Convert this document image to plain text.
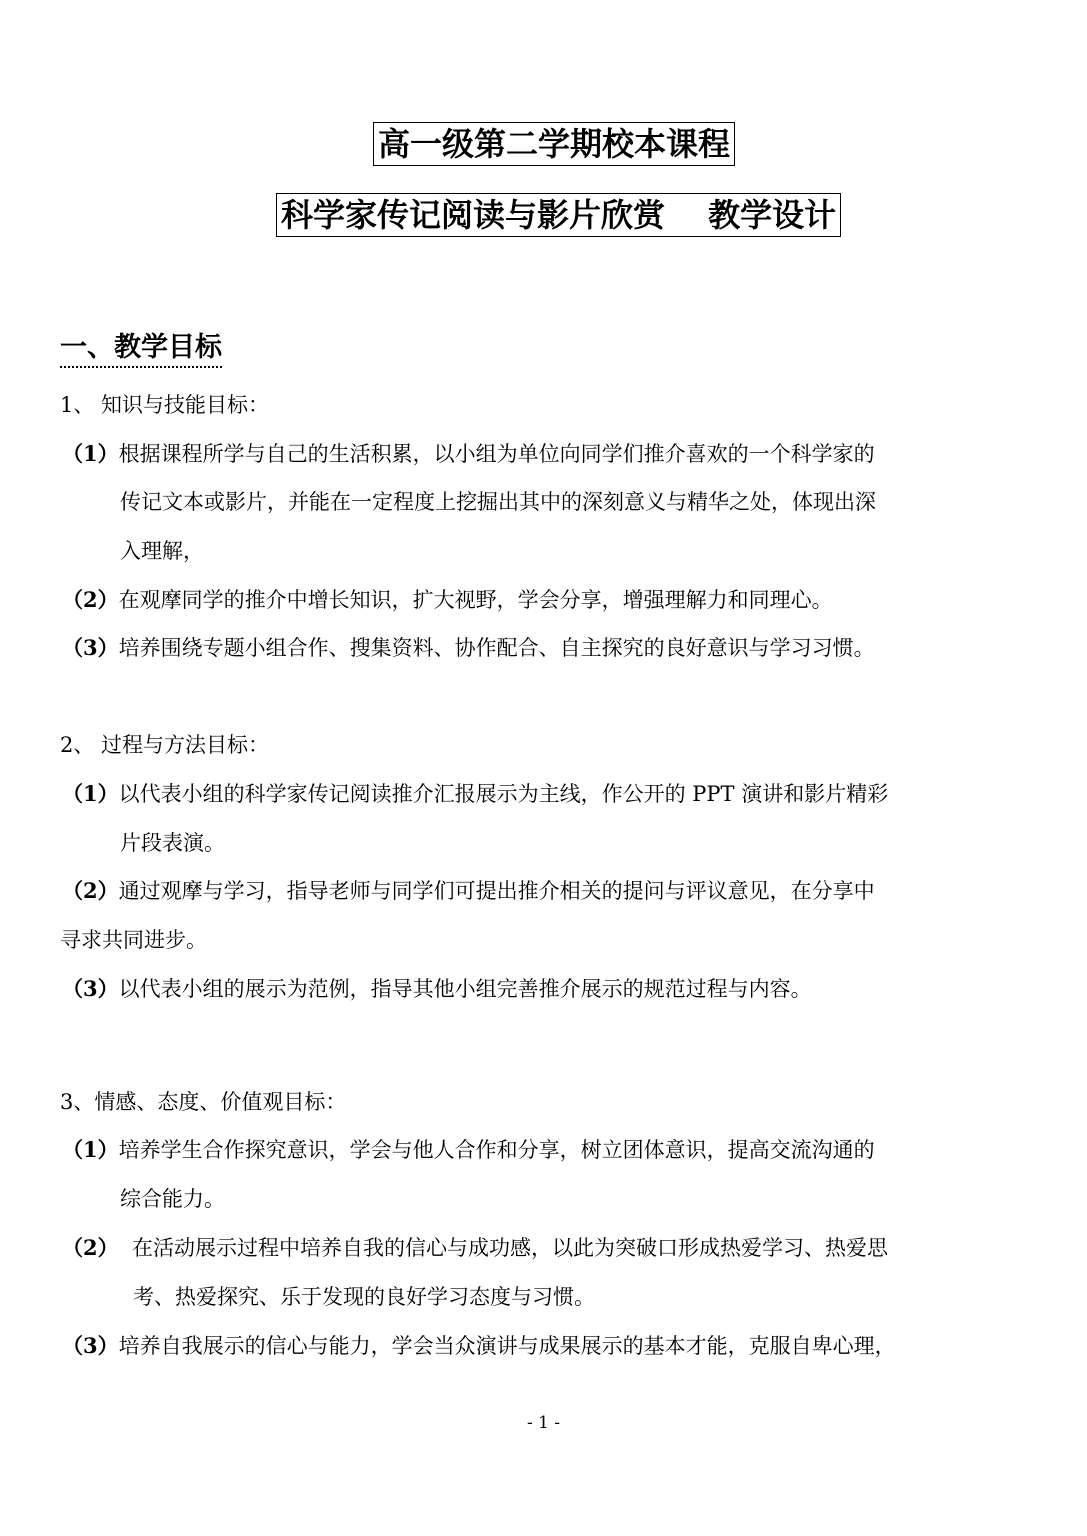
高一级第二学期校本课程
科学家传记阅读与影片欣赏　 教学设计
一、教学目标
1、 知识与技能目标：
（1）根据课程所学与自己的生活积累，以小组为单位向同学们推介喜欢的一个科学家的
传记文本或影片，并能在一定程度上挖掘出其中的深刻意义与精华之处，体现出深
入理解，
（2）在观摩同学的推介中增长知识，扩大视野，学会分享，增强理解力和同理心。
（3）培养围绕专题小组合作、搜集资料、协作配合、自主探究的良好意识与学习习惯。
2、 过程与方法目标：
（1）以代表小组的科学家传记阅读推介汇报展示为主线，作公开的 PPT 演讲和影片精彩
片段表演。
（2）通过观摩与学习，指导老师与同学们可提出推介相关的提问与评议意见，在分享中
寻求共同进步。
（3）以代表小组的展示为范例，指导其他小组完善推介展示的规范过程与内容。
3、情感、态度、价值观目标：
（1）培养学生合作探究意识，学会与他人合作和分享，树立团体意识，提高交流沟通的
综合能力。
（2）  在活动展示过程中培养自我的信心与成功感，以此为突破口形成热爱学习、热爱思
考、热爱探究、乐于发现的良好学习态度与习惯。
（3）培养自我展示的信心与能力，学会当众演讲与成果展示的基本才能，克服自卑心理，
- 1 -
